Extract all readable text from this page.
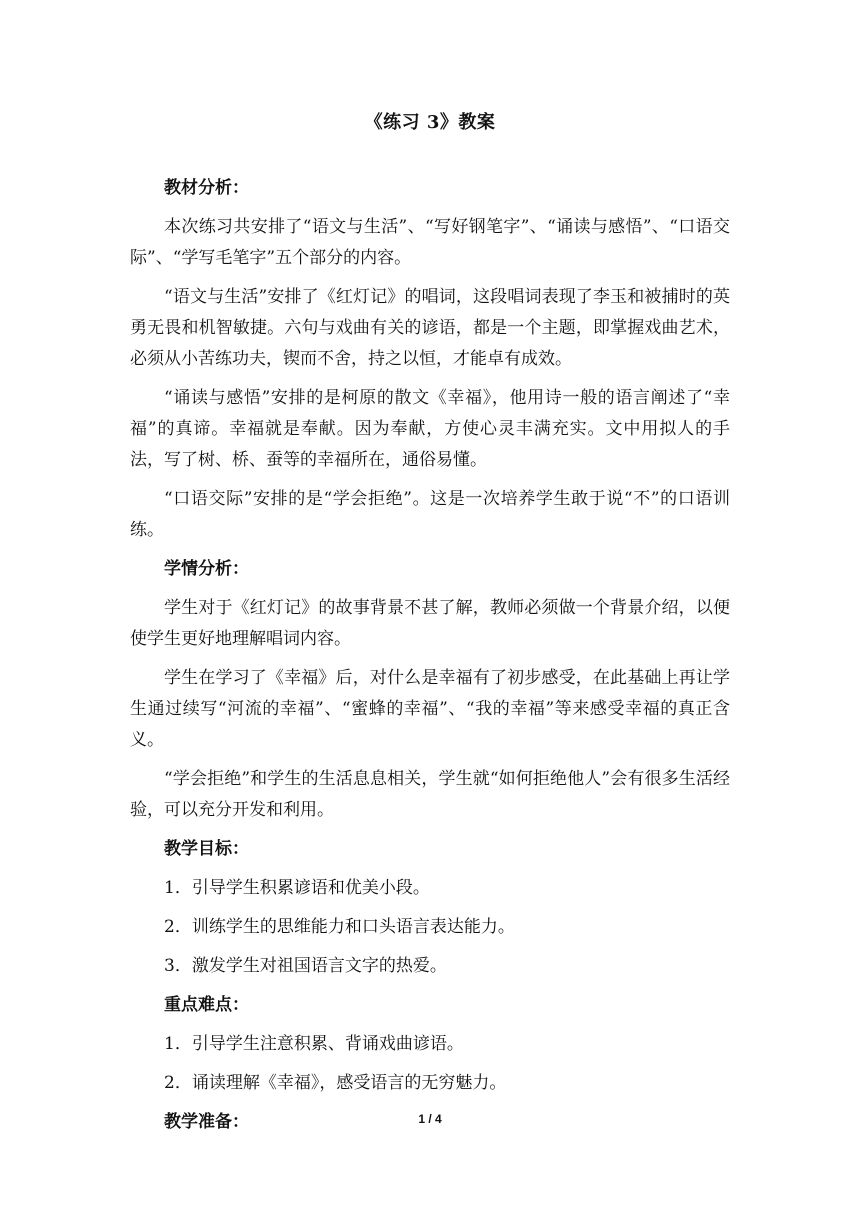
《练习 3》教案
教材分析：
本次练习共安排了“语文与生活”、“写好钢笔字”、“诵读与感悟”、“口语交际”、“学写毛笔字”五个部分的内容。
“语文与生活”安排了《红灯记》的唱词，这段唱词表现了李玉和被捕时的英勇无畏和机智敏捷。六句与戏曲有关的谚语，都是一个主题，即掌握戏曲艺术，必须从小苦练功夫，锲而不舍，持之以恒，才能卓有成效。
“诵读与感悟”安排的是柯原的散文《幸福》，他用诗一般的语言阐述了“幸福”的真谛。幸福就是奉献。因为奉献，方使心灵丰满充实。文中用拟人的手法，写了树、桥、蚕等的幸福所在，通俗易懂。
“口语交际”安排的是“学会拒绝”。这是一次培养学生敢于说“不”的口语训练。
学情分析：
学生对于《红灯记》的故事背景不甚了解，教师必须做一个背景介绍，以便使学生更好地理解唱词内容。
学生在学习了《幸福》后，对什么是幸福有了初步感受，在此基础上再让学生通过续写“河流的幸福”、“蜜蜂的幸福”、“我的幸福”等来感受幸福的真正含义。
“学会拒绝”和学生的生活息息相关，学生就“如何拒绝他人”会有很多生活经验，可以充分开发和利用。
教学目标：
1．引导学生积累谚语和优美小段。
2．训练学生的思维能力和口头语言表达能力。
3．激发学生对祖国语言文字的热爱。
重点难点：
1．引导学生注意积累、背诵戏曲谚语。
2．诵读理解《幸福》，感受语言的无穷魅力。
教学准备：	1 / 4
